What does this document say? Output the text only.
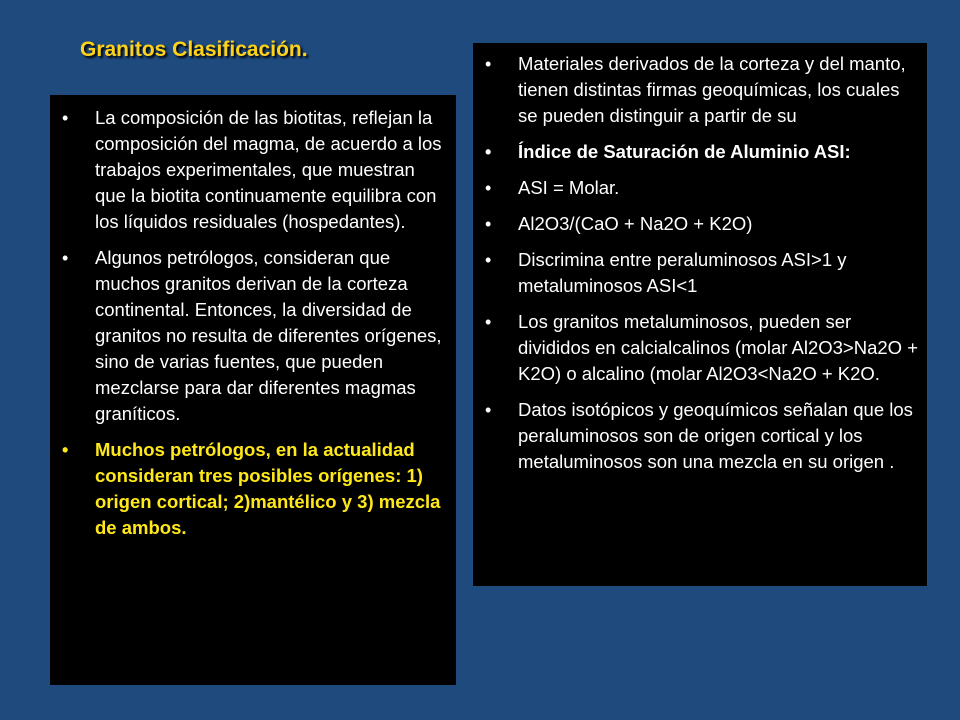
Granitos Clasificación.
• La composición de las biotitas, reflejan la composición del magma, de acuerdo a los trabajos experimentales, que muestran que la biotita continuamente equilibra con los líquidos residuales (hospedantes).
• Algunos petrólogos, consideran que muchos granitos derivan de la corteza continental. Entonces, la diversidad de granitos no resulta de diferentes orígenes, sino de varias fuentes, que pueden mezclarse para dar diferentes magmas graníticos.
• Muchos petrólogos, en la actualidad consideran tres posibles orígenes: 1) origen cortical; 2)mantélico y 3) mezcla de ambos.
• Materiales derivados de la corteza y del manto, tienen distintas firmas geoquímicas, los cuales se pueden distinguir a partir de su
• Índice de Saturación de Aluminio ASI:
• ASI = Molar.
• Al2O3/(CaO + Na2O + K2O)
• Discrimina entre peraluminosos ASI>1 y metaluminosos ASI<1
• Los granitos metaluminosos, pueden ser divididos en calcialcalinos (molar Al2O3>Na2O + K2O) o alcalino (molar Al2O3<Na2O + K2O.
• Datos isotópicos y geoquímicos señalan que los peraluminosos son de origen cortical y los metaluminosos son una mezcla en su origen .
